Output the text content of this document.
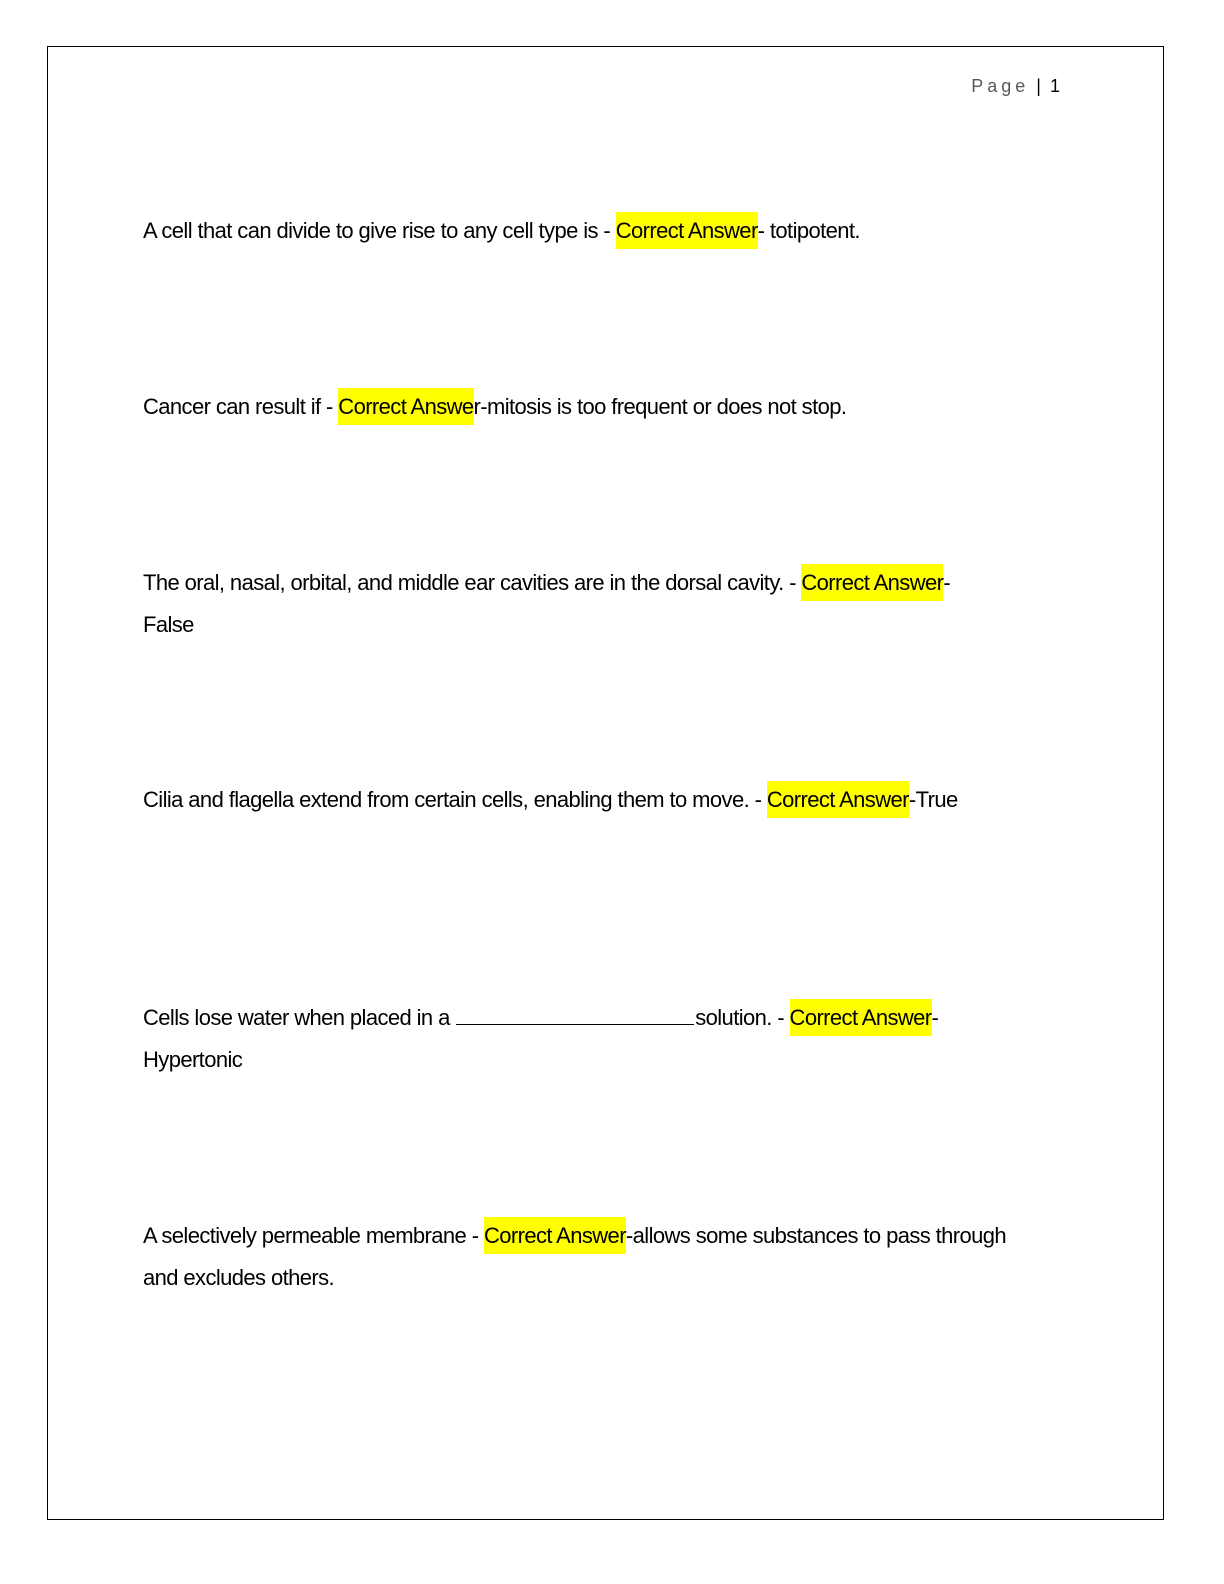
Page | 1

A cell that can divide to give rise to any cell type is - Correct Answer- totipotent.

Cancer can result if - Correct Answer-mitosis is too frequent or does not stop.

The oral, nasal, orbital, and middle ear cavities are in the dorsal cavity. - Correct Answer-False

Cilia and flagella extend from certain cells, enabling them to move. - Correct Answer-True

Cells lose water when placed in a	solution. - Correct Answer-Hypertonic

A selectively permeable membrane - Correct Answer-allows some substances to pass through and excludes others.
